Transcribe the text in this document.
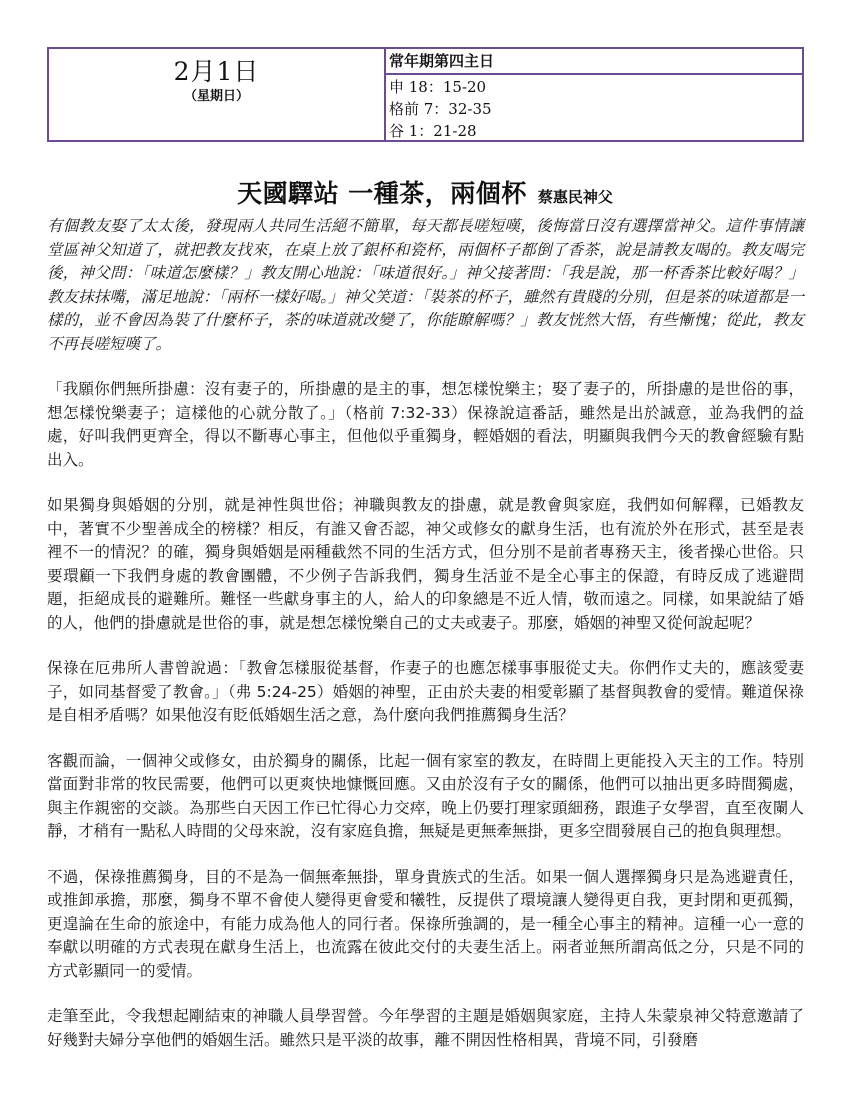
2月1日
（星期日）
常年期第四主日
申 18：15-20
格前 7：32-35
谷 1：21-28
天國驛站 一種茶，兩個杯 蔡惠民神父

有個教友娶了太太後，發現兩人共同生活絕不簡單，每天都長嗟短嘆，後悔當日沒有選擇當神父。這件事情讓堂區神父知道了，就把教友找來，在桌上放了銀杯和瓷杯，兩個杯子都倒了香茶，說是請教友喝的。教友喝完後，神父問：「味道怎麼樣？」教友開心地說：「味道很好。」神父接著問：「我是說，那一杯香茶比較好喝？」教友抹抹嘴，滿足地說：「兩杯一樣好喝。」神父笑道：「裝茶的杯子，雖然有貴賤的分別，但是茶的味道都是一樣的，並不會因為裝了什麼杯子，茶的味道就改變了，你能瞭解嗎？」教友恍然大悟，有些慚愧；從此，教友不再長嗟短嘆了。

「我願你們無所掛慮：沒有妻子的，所掛慮的是主的事，想怎樣悅樂主；娶了妻子的，所掛慮的是世俗的事，想怎樣悅樂妻子；這樣他的心就分散了。」（格前 7:32-33）保祿說這番話，雖然是出於誠意，並為我們的益處，好叫我們更齊全，得以不斷專心事主，但他似乎重獨身，輕婚姻的看法，明顯與我們今天的教會經驗有點出入。

如果獨身與婚姻的分別，就是神性與世俗；神職與教友的掛慮，就是教會與家庭，我們如何解釋，已婚教友中，著實不少聖善成全的榜樣？相反，有誰又會否認，神父或修女的獻身生活，也有流於外在形式，甚至是表裡不一的情況？的確，獨身與婚姻是兩種截然不同的生活方式，但分別不是前者專務天主，後者操心世俗。只要環顧一下我們身處的教會團體，不少例子告訴我們，獨身生活並不是全心事主的保證，有時反成了逃避問題，拒絕成長的避難所。難怪一些獻身事主的人，給人的印象總是不近人情，敬而遠之。同樣，如果說結了婚的人，他們的掛慮就是世俗的事，就是想怎樣悅樂自己的丈夫或妻子。那麼，婚姻的神聖又從何說起呢？

保祿在厄弗所人書曾說過：「教會怎樣服從基督，作妻子的也應怎樣事事服從丈夫。你們作丈夫的，應該愛妻子，如同基督愛了教會。」（弗 5:24-25）婚姻的神聖，正由於夫妻的相愛彰顯了基督與教會的愛情。難道保祿是自相矛盾嗎？如果他沒有貶低婚姻生活之意，為什麼向我們推薦獨身生活？

客觀而論，一個神父或修女，由於獨身的關係，比起一個有家室的教友，在時間上更能投入天主的工作。特別當面對非常的牧民需要，他們可以更爽快地慷慨回應。又由於沒有子女的關係，他們可以抽出更多時間獨處，與主作親密的交談。為那些白天因工作已忙得心力交瘁，晚上仍要打理家頭細務，跟進子女學習，直至夜闌人靜，才稍有一點私人時間的父母來說，沒有家庭負擔，無疑是更無牽無掛，更多空間發展自己的抱負與理想。

不過，保祿推薦獨身，目的不是為一個無牽無掛，單身貴族式的生活。如果一個人選擇獨身只是為逃避責任，或推卸承擔，那麼，獨身不單不會使人變得更會愛和犧牲，反提供了環境讓人變得更自我，更封閉和更孤獨，更遑論在生命的旅途中，有能力成為他人的同行者。保祿所強調的，是一種全心事主的精神。這種一心一意的奉獻以明確的方式表現在獻身生活上，也流露在彼此交付的夫妻生活上。兩者並無所謂高低之分，只是不同的方式彰顯同一的愛情。

走筆至此，令我想起剛結束的神職人員學習營。今年學習的主題是婚姻與家庭，主持人朱蒙泉神父特意邀請了好幾對夫婦分享他們的婚姻生活。雖然只是平淡的故事，離不開因性格相異，背境不同，引發磨
